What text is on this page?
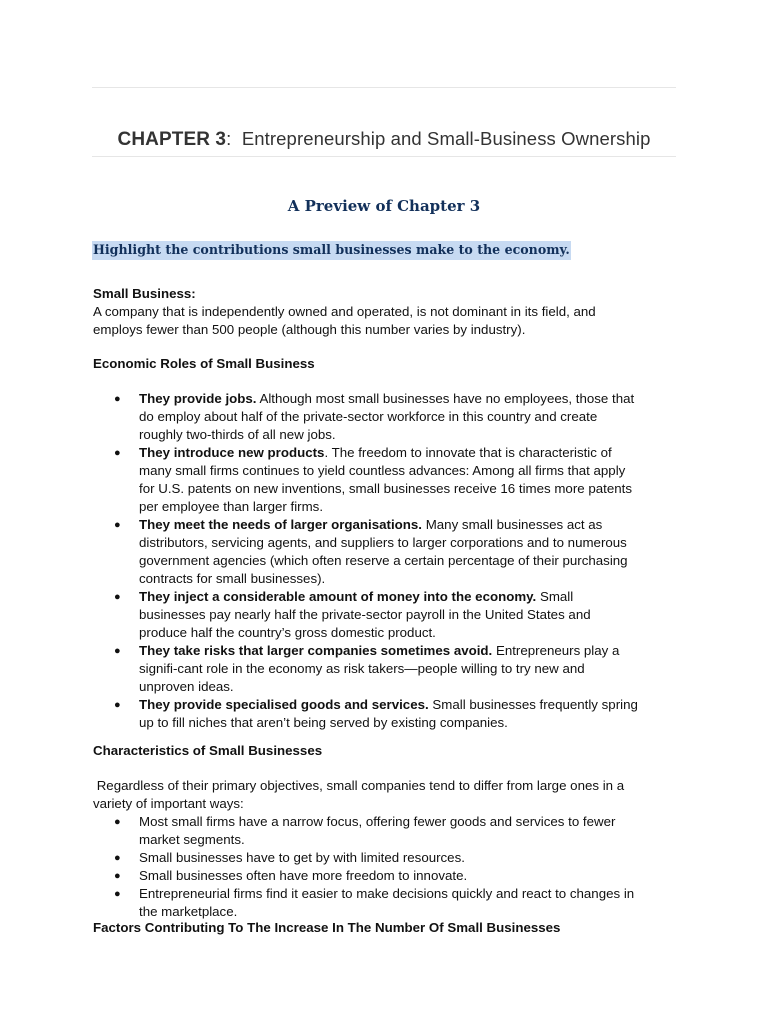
CHAPTER 3: Entrepreneurship and Small-Business Ownership
A Preview of Chapter 3
Highlight the contributions small businesses make to the economy.

Small Business:

A company that is independently owned and operated, is not dominant in its field, and

employs fewer than 500 people (although this number varies by industry).

Economic Roles of Small Business
● They provide jobs. Although most small businesses have no employees, those that
do employ about half of the private-sector workforce in this country and create
roughly two-thirds of all new jobs.
● They introduce new products. The freedom to innovate that is characteristic of
many small firms continues to yield countless advances: Among all firms that apply
for U.S. patents on new inventions, small businesses receive 16 times more patents
per employee than larger firms.
● They meet the needs of larger organisations. Many small businesses act as
distributors, servicing agents, and suppliers to larger corporations and to numerous
government agencies (which often reserve a certain percentage of their purchasing
contracts for small businesses).
● They inject a considerable amount of money into the economy. Small
businesses pay nearly half the private-sector payroll in the United States and
produce half the country’s gross domestic product.
● They take risks that larger companies sometimes avoid. Entrepreneurs play a
signifi-cant role in the economy as risk takers—people willing to try new and
unproven ideas.
● They provide specialised goods and services. Small businesses frequently spring
up to fill niches that aren’t being served by existing companies.
Characteristics of Small Businesses

Regardless of their primary objectives, small companies tend to differ from large ones in a

variety of important ways:

● Most small firms have a narrow focus, offering fewer goods and services to fewer
market segments.
● Small businesses have to get by with limited resources.
● Small businesses often have more freedom to innovate.
● Entrepreneurial firms find it easier to make decisions quickly and react to changes in
the marketplace.
Factors Contributing To The Increase In The Number Of Small Businesses
